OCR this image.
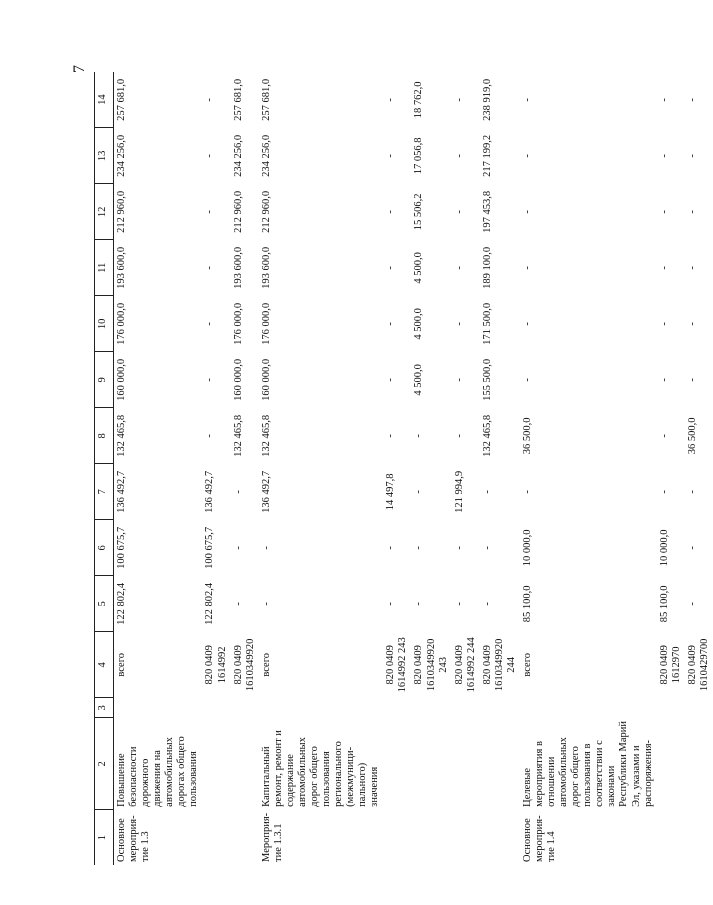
7
1	2	3	4	5	6	7	8	9	10	11	12	13	14
Основное мероприя-тие 1.3	Повышение безопасности дорожного движения на автомобильных дорогах общего пользования		всего	122 802,4	100 675,7	136 492,7	132 465,8	160 000,0	176 000,0	193 600,0	212 960,0	234 256,0	257 681,0
			820 0409 1614992	122 802,4	100 675,7	136 492,7	-	-	-	-	-	-	-
			820 0409 1610349920	-	-	-	132 465,8	160 000,0	176 000,0	193 600,0	212 960,0	234 256,0	257 681,0
Мероприя-тие 1.3.1	Капитальный ремонт, ремонт и содержание автомобильных дорог общего пользования регионального (межмуници-пального) значения		всего	-	-	136 492,7	132 465,8	160 000,0	176 000,0	193 600,0	212 960,0	234 256,0	257 681,0
			820 0409 1614992 243	-	-	14 497,8	-	-	-	-	-	-	-
			820 0409 1610349920 243	-	-	-	-	4 500,0	4 500,0	4 500,0	15 506,2	17 056,8	18 762,0
			820 0409 1614992 244	-	-	121 994,9	-	-	-	-	-	-	-
			820 0409 1610349920 244	-	-	-	132 465,8	155 500,0	171 500,0	189 100,0	197 453,8	217 199,2	238 919,0
Основное мероприя-тие 1.4	Целевые мероприятия в отношении автомобильных дорог общего пользования в соответствии с законами Республики Марий Эл, указами и распоряжения-		всего	85 100,0	10 000,0	-	36 500,0	-	-	-	-	-	-
			820 0409 1612970	85 100,0	10 000,0	-	-	-	-	-	-	-	-
			820 0409 1610429700	-	-	-	36 500,0	-	-	-	-	-	-
